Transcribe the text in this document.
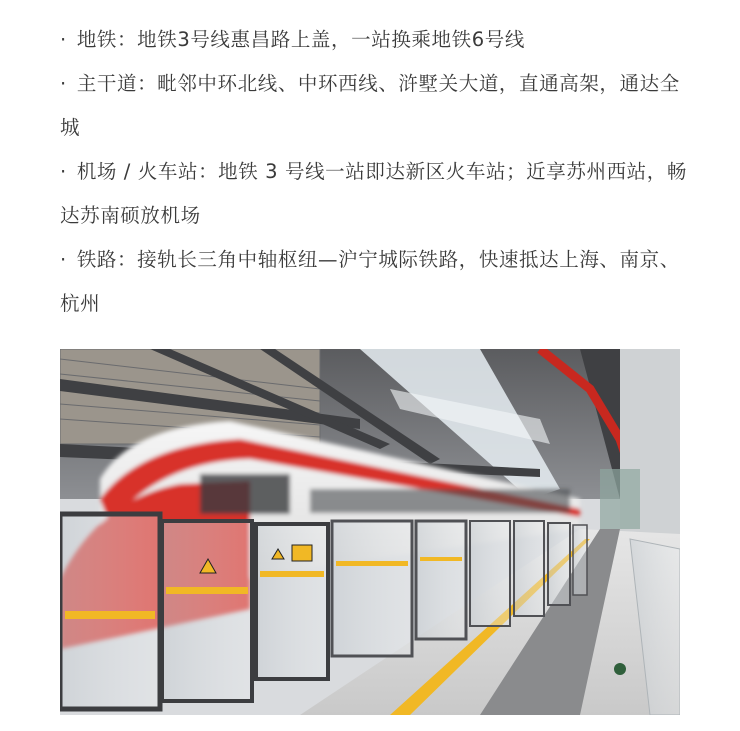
· 地铁：地铁3号线惠昌路上盖，一站换乘地铁6号线
· 主干道：毗邻中环北线、中环西线、浒墅关大道，直通高架，通达全城
· 机场 / 火车站：地铁 3 号线一站即达新区火车站；近享苏州西站，畅达苏南硕放机场
· 铁路：接轨长三角中轴枢纽—沪宁城际铁路，快速抵达上海、南京、杭州
